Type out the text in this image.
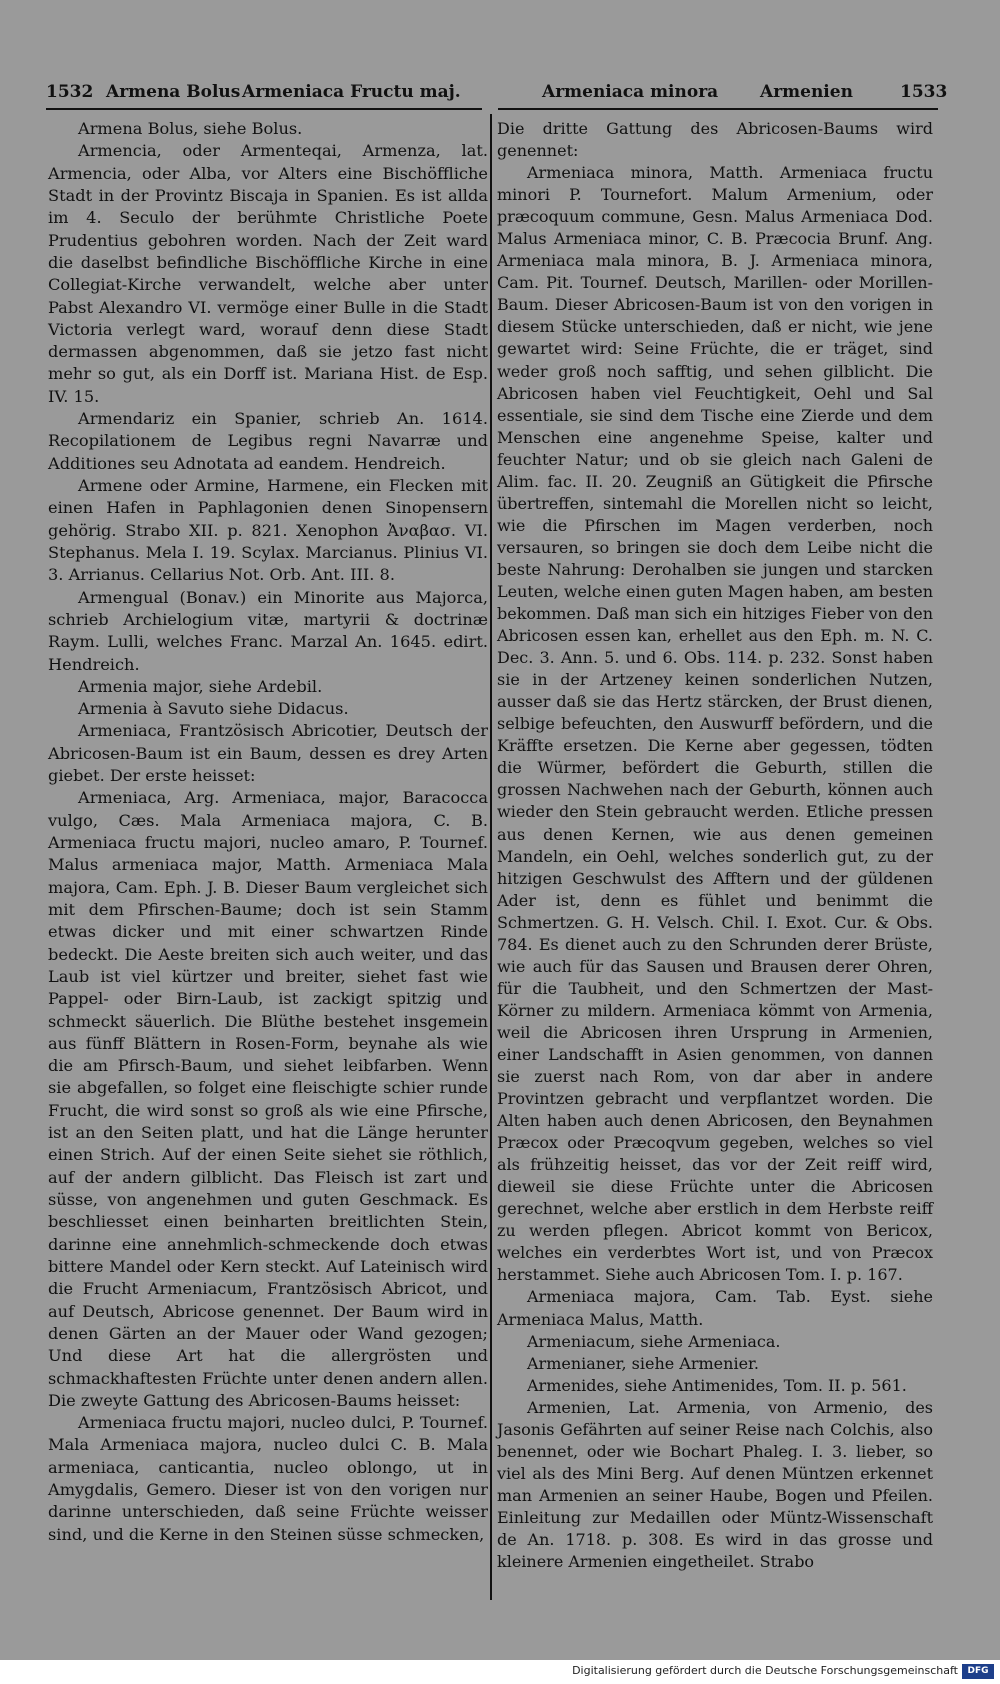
1532 Armena Bolus Armeniaca Fructu maj.	Armeniaca minora Armenien	1533

Armena Bolus, siehe Bolus.

Armencia, oder Armenteqai, Armenza, lat. Armencia, oder Alba, vor Alters eine Bischöffliche Stadt in der Provintz Biscaja in Spanien. Es ist allda im 4. Seculo der berühmte Christliche Poete Prudentius gebohren worden. Nach der Zeit ward die daselbst befindliche Bischöffliche Kirche in eine Collegiat-Kirche verwandelt, welche aber unter Pabst Alexandro VI. vermöge einer Bulle in die Stadt Victoria verlegt ward, worauf denn diese Stadt dermassen abgenommen, daß sie jetzo fast nicht mehr so gut, als ein Dorff ist. Mariana Hist. de Esp. IV. 15.

Armendariz ein Spanier, schrieb An. 1614. Recopilationem de Legibus regni Navarræ und Additiones seu Adnotata ad eandem. Hendreich.

Armene oder Armine, Harmene, ein Flecken mit einen Hafen in Paphlagonien denen Sinopensern gehörig. Strabo XII. p. 821. Xenophon Ἀναβασ. VI. Stephanus. Mela I. 19. Scylax. Marcianus. Plinius VI. 3. Arrianus. Cellarius Not. Orb. Ant. III. 8.

Armengual (Bonav.) ein Minorite aus Majorca, schrieb Archielogium vitæ, martyrii & doctrinæ Raym. Lulli, welches Franc. Marzal An. 1645. edirt. Hendreich.

Armenia major, siehe Ardebil.

Armenia à Savuto siehe Didacus.

Armeniaca, Frantzösisch Abricotier, Deutsch der Abricosen-Baum ist ein Baum, dessen es drey Arten giebet. Der erste heisset:

Armeniaca, Arg. Armeniaca, major, Baracocca vulgo, Cæs. Mala Armeniaca majora, C. B. Armeniaca fructu majori, nucleo amaro, P. Tournef. Malus armeniaca major, Matth. Armeniaca Mala majora, Cam. Eph. J. B. Dieser Baum vergleichet sich mit dem Pfirschen-Baume; doch ist sein Stamm etwas dicker und mit einer schwartzen Rinde bedeckt. Die Aeste breiten sich auch weiter, und das Laub ist viel kürtzer und breiter, siehet fast wie Pappel- oder Birn-Laub, ist zackigt spitzig und schmeckt säuerlich. Die Blüthe bestehet insgemein aus fünff Blättern in Rosen-Form, beynahe als wie die am Pfirsch-Baum, und siehet leibfarben. Wenn sie abgefallen, so folget eine fleischigte schier runde Frucht, die wird sonst so groß als wie eine Pfirsche, ist an den Seiten platt, und hat die Länge herunter einen Strich. Auf der einen Seite siehet sie röthlich, auf der andern gilblicht. Das Fleisch ist zart und süsse, von angenehmen und guten Geschmack. Es beschliesset einen beinharten breitlichten Stein, darinne eine annehmlich-schmeckende doch etwas bittere Mandel oder Kern steckt. Auf Lateinisch wird die Frucht Armeniacum, Frantzösisch Abricot, und auf Deutsch, Abricose genennet. Der Baum wird in denen Gärten an der Mauer oder Wand gezogen; Und diese Art hat die allergrösten und schmackhaftesten Früchte unter denen andern allen. Die zweyte Gattung des Abricosen-Baums heisset:

Armeniaca fructu majori, nucleo dulci, P. Tournef. Mala Armeniaca majora, nucleo dulci C. B. Mala armeniaca, canticantia, nucleo oblongo, ut in Amygdalis, Gemero. Dieser ist von den vorigen nur darinne unterschieden, daß seine Früchte weisser sind, und die Kerne in den Steinen süsse schmecken,

Die dritte Gattung des Abricosen-Baums wird genennet:

Armeniaca minora, Matth. Armeniaca fructu minori P. Tournefort. Malum Armenium, oder præcoquum commune, Gesn. Malus Armeniaca Dod. Malus Armeniaca minor, C. B. Præcocia Brunf. Ang. Armeniaca mala minora, B. J. Armeniaca minora, Cam. Pit. Tournef. Deutsch, Marillen- oder Morillen-Baum. Dieser Abricosen-Baum ist von den vorigen in diesem Stücke unterschieden, daß er nicht, wie jene gewartet wird: Seine Früchte, die er träget, sind weder groß noch safftig, und sehen gilblicht. Die Abricosen haben viel Feuchtigkeit, Oehl und Sal essentiale, sie sind dem Tische eine Zierde und dem Menschen eine angenehme Speise, kalter und feuchter Natur; und ob sie gleich nach Galeni de Alim. fac. II. 20. Zeugniß an Gütigkeit die Pfirsche übertreffen, sintemahl die Morellen nicht so leicht, wie die Pfirschen im Magen verderben, noch versauren, so bringen sie doch dem Leibe nicht die beste Nahrung: Derohalben sie jungen und starcken Leuten, welche einen guten Magen haben, am besten bekommen. Daß man sich ein hitziges Fieber von den Abricosen essen kan, erhellet aus den Eph. m. N. C. Dec. 3. Ann. 5. und 6. Obs. 114. p. 232. Sonst haben sie in der Artzeney keinen sonderlichen Nutzen, ausser daß sie das Hertz stärcken, der Brust dienen, selbige befeuchten, den Auswurff befördern, und die Kräffte ersetzen. Die Kerne aber gegessen, tödten die Würmer, befördert die Geburth, stillen die grossen Nachwehen nach der Geburth, können auch wieder den Stein gebraucht werden. Etliche pressen aus denen Kernen, wie aus denen gemeinen Mandeln, ein Oehl, welches sonderlich gut, zu der hitzigen Geschwulst des Afftern und der güldenen Ader ist, denn es fühlet und benimmt die Schmertzen. G. H. Velsch. Chil. I. Exot. Cur. & Obs. 784. Es dienet auch zu den Schrunden derer Brüste, wie auch für das Sausen und Brausen derer Ohren, für die Taubheit, und den Schmertzen der Mast-Körner zu mildern. Armeniaca kömmt von Armenia, weil die Abricosen ihren Ursprung in Armenien, einer Landschafft in Asien genommen, von dannen sie zuerst nach Rom, von dar aber in andere Provintzen gebracht und verpflantzet worden. Die Alten haben auch denen Abricosen, den Beynahmen Præcox oder Præcoqvum gegeben, welches so viel als frühzeitig heisset, das vor der Zeit reiff wird, dieweil sie diese Früchte unter die Abricosen gerechnet, welche aber erstlich in dem Herbste reiff zu werden pflegen. Abricot kommt von Bericox, welches ein verderbtes Wort ist, und von Præcox herstammet. Siehe auch Abricosen Tom. I. p. 167.

Armeniaca majora, Cam. Tab. Eyst. siehe Armeniaca Malus, Matth.

Armeniacum, siehe Armeniaca.

Armenianer, siehe Armenier.

Armenides, siehe Antimenides, Tom. II. p. 561.

Armenien, Lat. Armenia, von Armenio, des Jasonis Gefährten auf seiner Reise nach Colchis, also benennet, oder wie Bochart Phaleg. I. 3. lieber, so viel als des Mini Berg. Auf denen Müntzen erkennet man Armenien an seiner Haube, Bogen und Pfeilen. Einleitung zur Medaillen oder Müntz-Wissenschaft de An. 1718. p. 308. Es wird in das grosse und kleinere Armenien eingetheilet. Strabo

Digitalisierung gefördert durch die Deutsche Forschungsgemeinschaft	DFG
